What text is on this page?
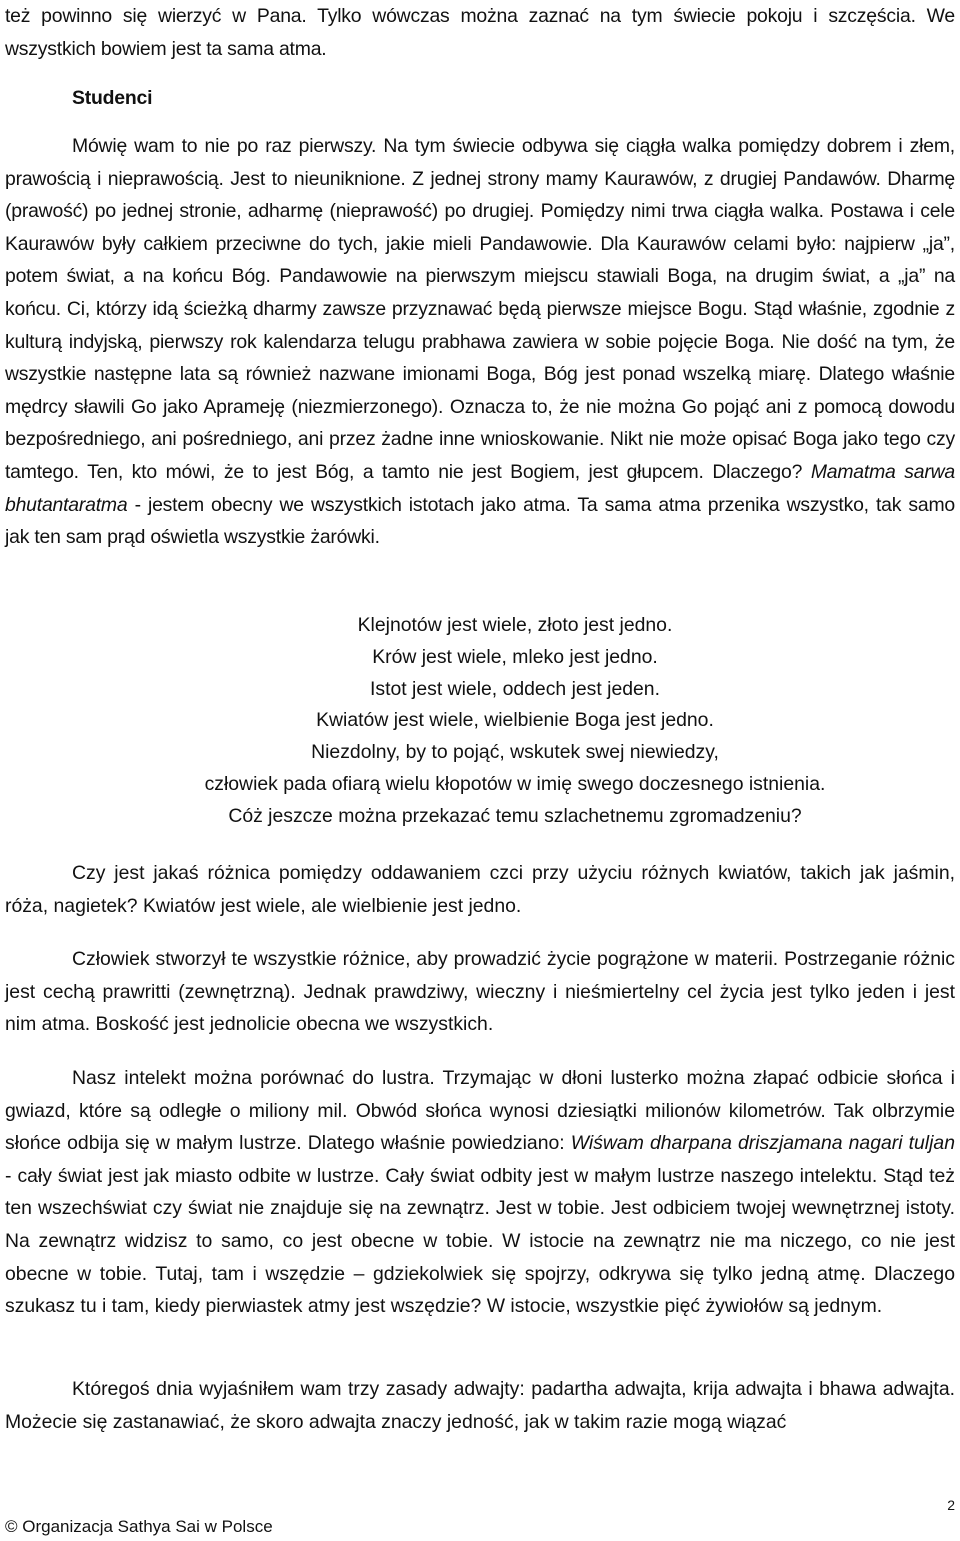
też powinno się wierzyć w Pana. Tylko wówczas można zaznać na tym świecie pokoju i szczęścia. We wszystkich bowiem jest ta sama atma.

Studenci

Mówię wam to nie po raz pierwszy. Na tym świecie odbywa się ciągła walka pomiędzy dobrem i złem, prawością i nieprawością. Jest to nieuniknione. Z jednej strony mamy Kaurawów, z drugiej Pandawów. Dharmę (prawość) po jednej stronie, adharmę (nieprawość) po drugiej. Pomiędzy nimi trwa ciągła walka. Postawa i cele Kaurawów były całkiem przeciwne do tych, jakie mieli Pandawowie. Dla Kaurawów celami było: najpierw „ja”, potem świat, a na końcu Bóg. Pandawowie na pierwszym miejscu stawiali Boga, na drugim świat, a „ja” na końcu. Ci, którzy idą ścieżką dharmy zawsze przyznawać będą pierwsze miejsce Bogu. Stąd właśnie, zgodnie z kulturą indyjską, pierwszy rok kalendarza telugu prabhawa zawiera w sobie pojęcie Boga. Nie dość na tym, że wszystkie następne lata są również nazwane imionami Boga, Bóg jest ponad wszelką miarę. Dlatego właśnie mędrcy sławili Go jako Aprameję (niezmierzonego). Oznacza to, że nie można Go pojąć ani z pomocą dowodu bezpośredniego, ani pośredniego, ani przez żadne inne wnioskowanie. Nikt nie może opisać Boga jako tego czy tamtego. Ten, kto mówi, że to jest Bóg, a tamto nie jest Bogiem, jest głupcem. Dlaczego? Mamatma sarwa bhutantaratma - jestem obecny we wszystkich istotach jako atma. Ta sama atma przenika wszystko, tak samo jak ten sam prąd oświetla wszystkie żarówki.

Klejnotów jest wiele, złoto jest jedno.
Krów jest wiele, mleko jest jedno.
Istot jest wiele, oddech jest jeden.
Kwiatów jest wiele, wielbienie Boga jest jedno.
Niezdolny, by to pojąć, wskutek swej niewiedzy,
człowiek pada ofiarą wielu kłopotów w imię swego doczesnego istnienia.
Cóż jeszcze można przekazać temu szlachetnemu zgromadzeniu?

Czy jest jakaś różnica pomiędzy oddawaniem czci przy użyciu różnych kwiatów, takich jak jaśmin, róża, nagietek? Kwiatów jest wiele, ale wielbienie jest jedno.

Człowiek stworzył te wszystkie różnice, aby prowadzić życie pogrążone w materii. Postrzeganie różnic jest cechą prawritti (zewnętrzną). Jednak prawdziwy, wieczny i nieśmiertelny cel życia jest tylko jeden i jest nim atma. Boskość jest jednolicie obecna we wszystkich.

Nasz intelekt można porównać do lustra. Trzymając w dłoni lusterko można złapać odbicie słońca i gwiazd, które są odległe o miliony mil. Obwód słońca wynosi dziesiątki milionów kilometrów. Tak olbrzymie słońce odbija się w małym lustrze. Dlatego właśnie powiedziano: Wiśwam dharpana driszjamana nagari tuljan - cały świat jest jak miasto odbite w lustrze. Cały świat odbity jest w małym lustrze naszego intelektu. Stąd też ten wszechświat czy świat nie znajduje się na zewnątrz. Jest w tobie. Jest odbiciem twojej wewnętrznej istoty. Na zewnątrz widzisz to samo, co jest obecne w tobie. W istocie na zewnątrz nie ma niczego, co nie jest obecne w tobie. Tutaj, tam i wszędzie – gdziekolwiek się spojrzy, odkrywa się tylko jedną atmę. Dlaczego szukasz tu i tam, kiedy pierwiastek atmy jest wszędzie? W istocie, wszystkie pięć żywiołów są jednym.

Któregoś dnia wyjaśniłem wam trzy zasady adwajty: padartha adwajta, krija adwajta i bhawa adwajta. Możecie się zastanawiać, że skoro adwajta znaczy jedność, jak w takim razie mogą wiązać

© Organizacja Sathya Sai w Polsce
2
